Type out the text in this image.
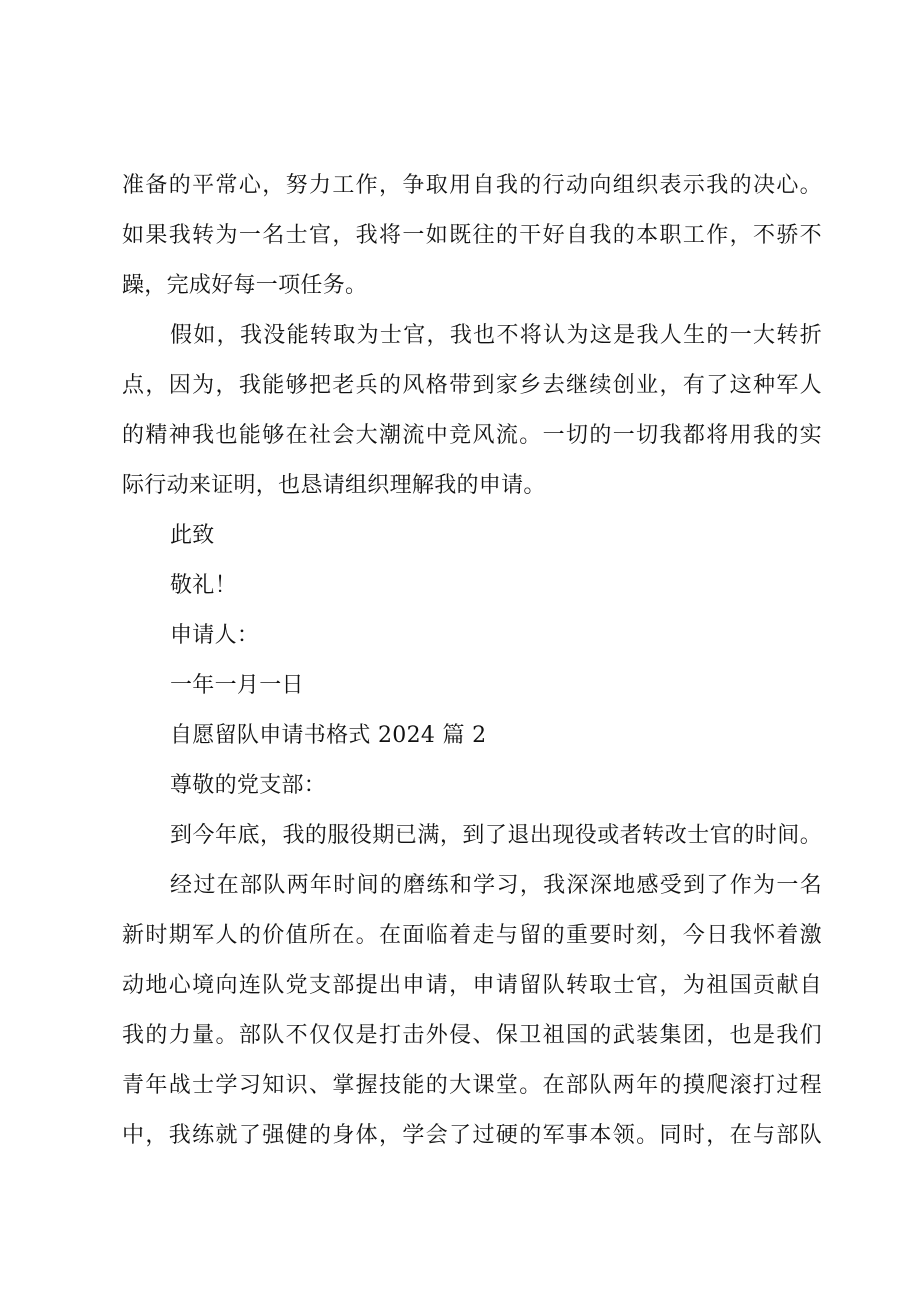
准备的平常心，努力工作，争取用自我的行动向组织表示我的决心。
如果我转为一名士官，我将一如既往的干好自我的本职工作，不骄不
躁，完成好每一项任务。
假如，我没能转取为士官，我也不将认为这是我人生的一大转折
点，因为，我能够把老兵的风格带到家乡去继续创业，有了这种军人
的精神我也能够在社会大潮流中竞风流。一切的一切我都将用我的实
际行动来证明，也恳请组织理解我的申请。
此致
敬礼！
申请人：
一年一月一日
自愿留队申请书格式 2024 篇 2
尊敬的党支部：
到今年底，我的服役期已满，到了退出现役或者转改士官的时间。
经过在部队两年时间的磨练和学习，我深深地感受到了作为一名
新时期军人的价值所在。在面临着走与留的重要时刻，今日我怀着激
动地心境向连队党支部提出申请，申请留队转取士官，为祖国贡献自
我的力量。部队不仅仅是打击外侵、保卫祖国的武装集团，也是我们
青年战士学习知识、掌握技能的大课堂。在部队两年的摸爬滚打过程
中，我练就了强健的身体，学会了过硬的军事本领。同时，在与部队
